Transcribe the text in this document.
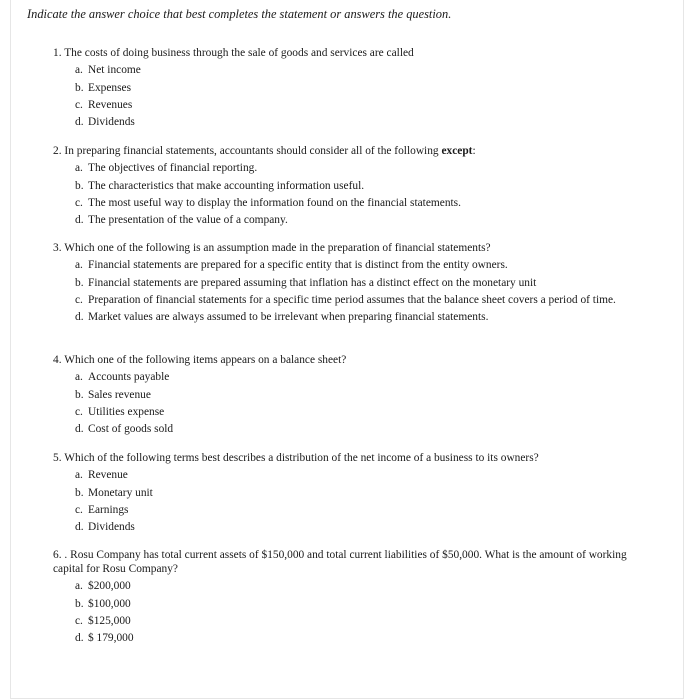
Indicate the answer choice that best completes the statement or answers the question.

1. The costs of doing business through the sale of goods and services are called

a. Net income
b. Expenses
c. Revenues
d. Dividends

2. In preparing financial statements, accountants should consider all of the following except:

a. The objectives of financial reporting.
b. The characteristics that make accounting information useful.
c. The most useful way to display the information found on the financial statements.
d. The presentation of the value of a company.

3. Which one of the following is an assumption made in the preparation of financial statements?

a. Financial statements are prepared for a specific entity that is distinct from the entity owners.
b. Financial statements are prepared assuming that inflation has a distinct effect on the monetary unit
c. Preparation of financial statements for a specific time period assumes that the balance sheet covers a period of time.
d. Market values are always assumed to be irrelevant when preparing financial statements.

4. Which one of the following items appears on a balance sheet?

a. Accounts payable
b. Sales revenue
c. Utilities expense
d. Cost of goods sold

5. Which of the following terms best describes a distribution of the net income of a business to its owners?

a. Revenue
b. Monetary unit
c. Earnings
d. Dividends

6. . Rosu Company has total current assets of $150,000 and total current liabilities of $50,000. What is the amount of working capital for Rosu Company?

a. $200,000
b. $100,000
c. $125,000
d. $ 179,000
